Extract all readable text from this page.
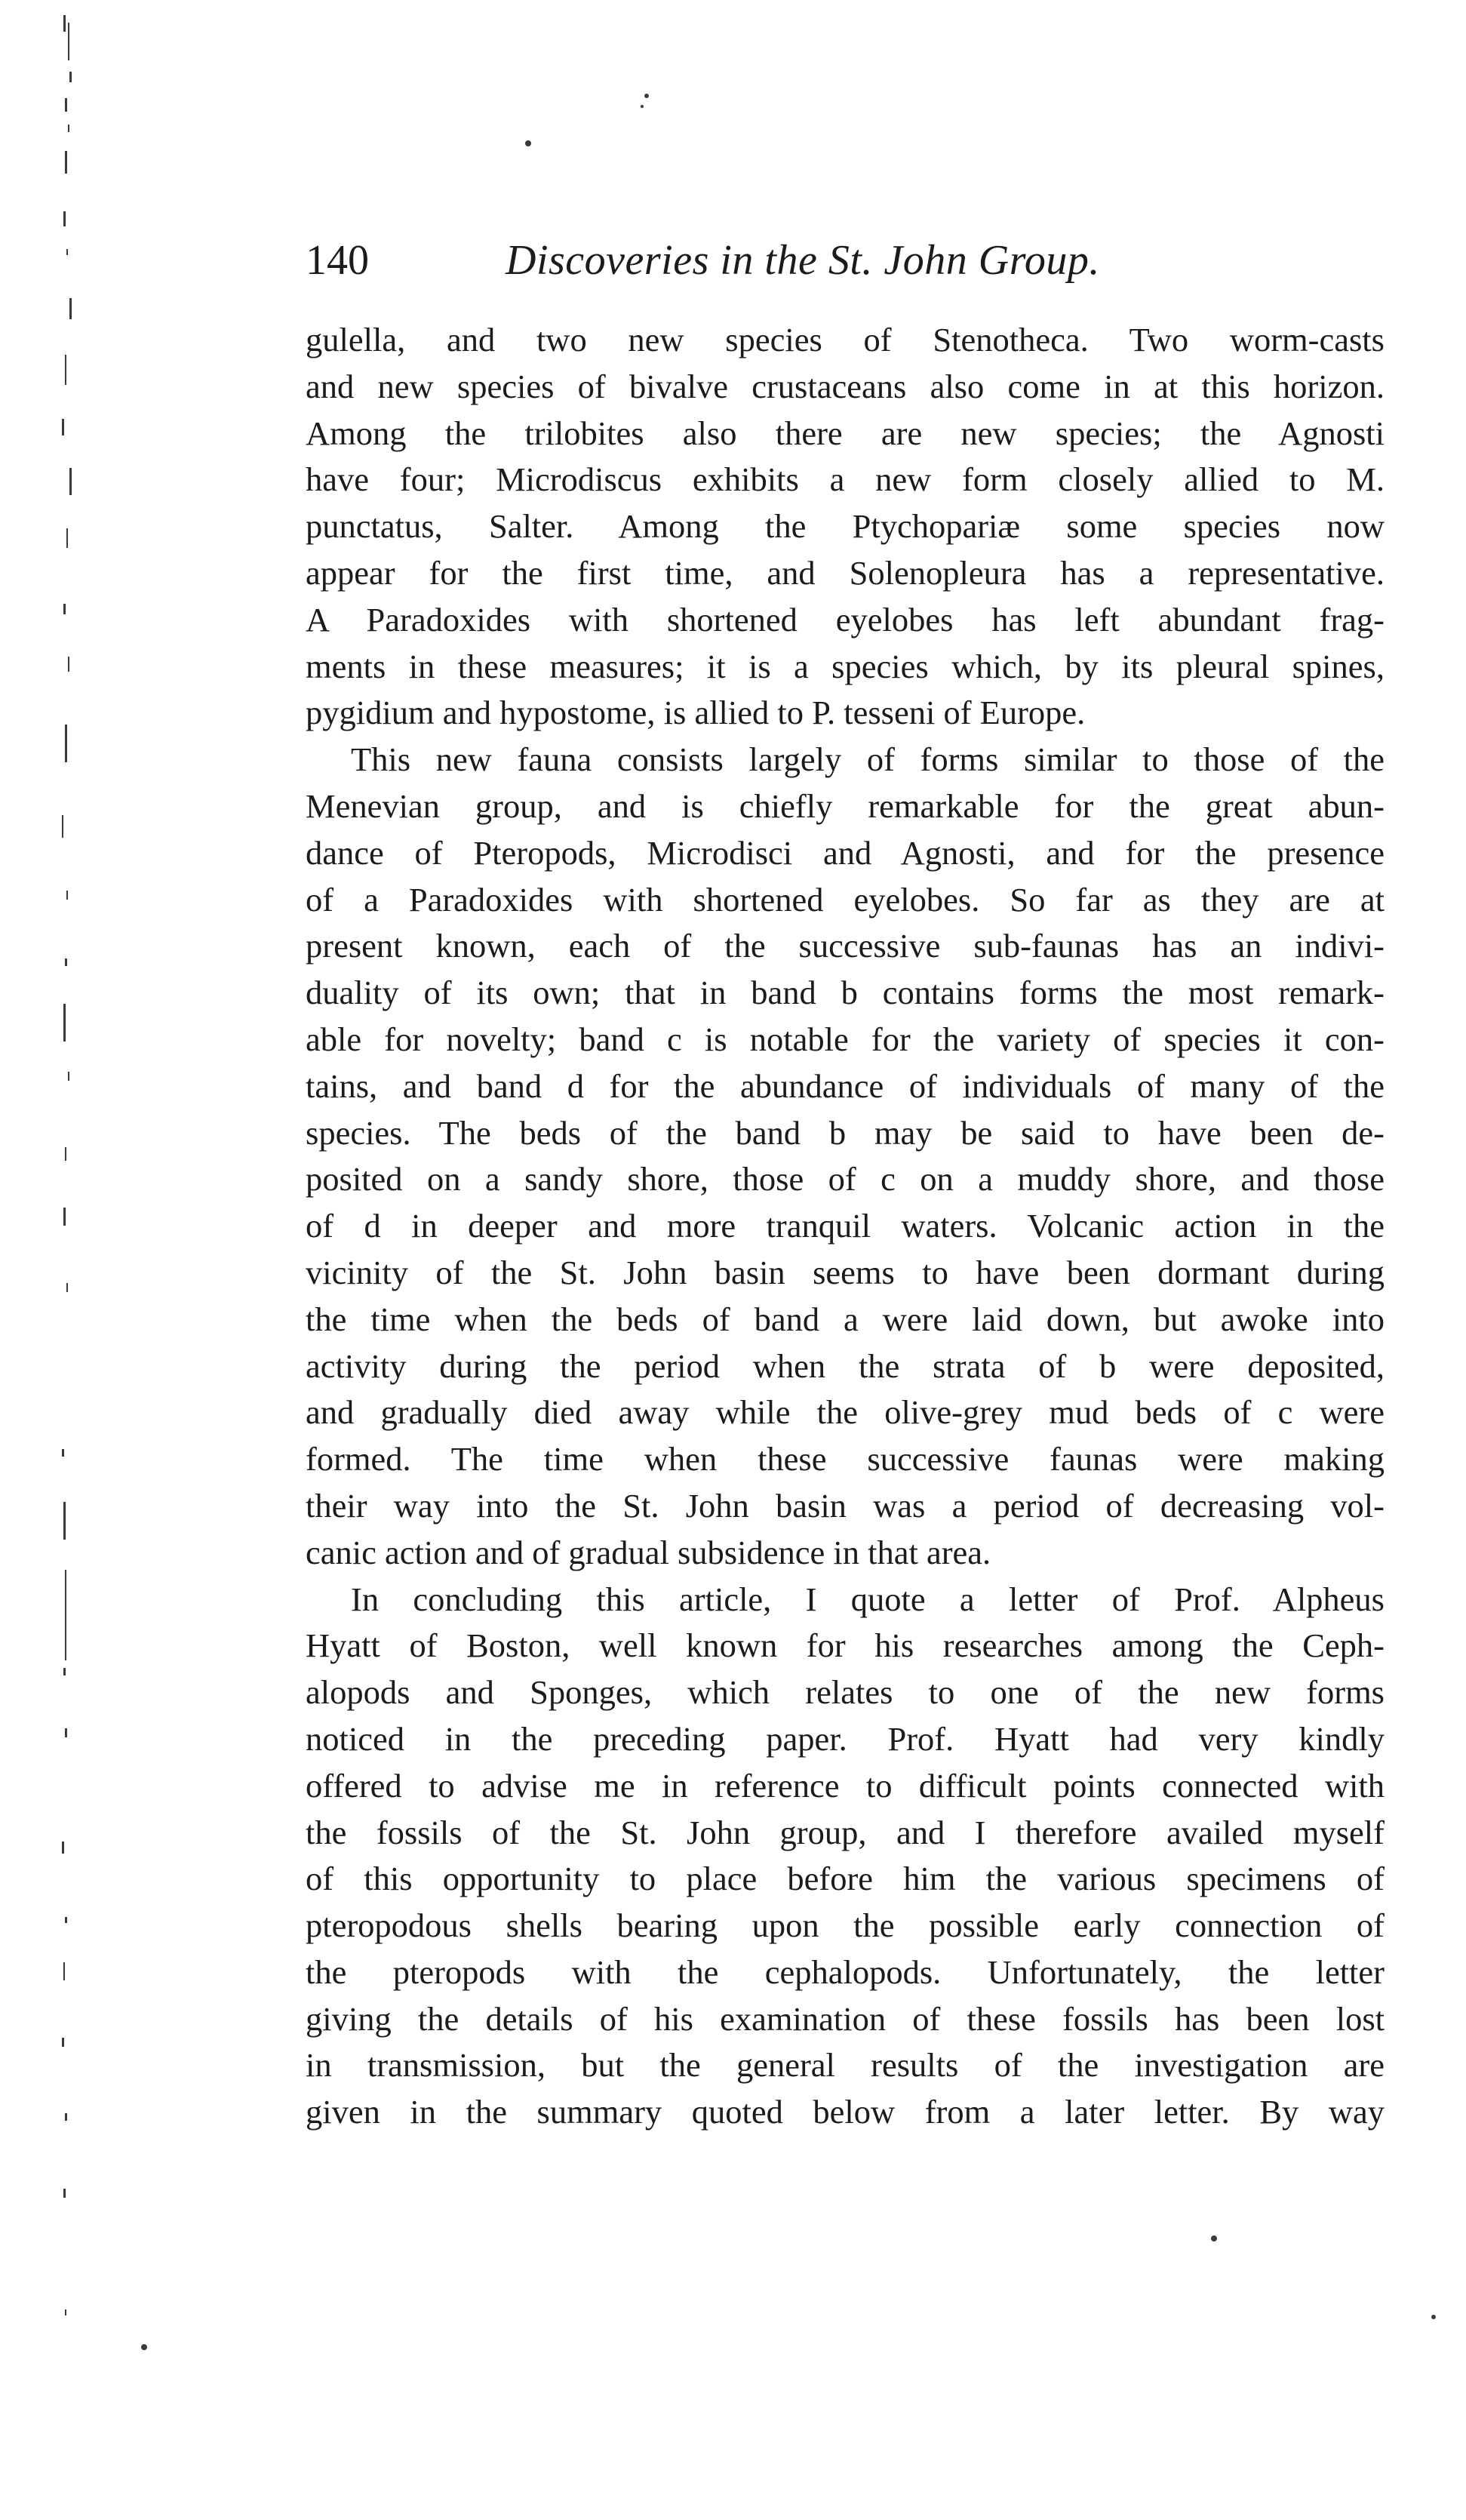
140	Discoveries in the St. John Group.
gulella, and two new species of Stenotheca. Two worm-casts
and new species of bivalve crustaceans also come in at this horizon.
Among the trilobites also there are new species; the Agnosti
have four; Microdiscus exhibits a new form closely allied to M.
punctatus, Salter. Among the Ptychopariæ some species now
appear for the first time, and Solenopleura has a representative.
A Paradoxides with shortened eyelobes has left abundant frag-
ments in these measures; it is a species which, by its pleural spines,
pygidium and hypostome, is allied to P. tesseni of Europe.
This new fauna consists largely of forms similar to those of the
Menevian group, and is chiefly remarkable for the great abun-
dance of Pteropods, Microdisci and Agnosti, and for the presence
of a Paradoxides with shortened eyelobes. So far as they are at
present known, each of the successive sub-faunas has an indivi-
duality of its own; that in band b contains forms the most remark-
able for novelty; band c is notable for the variety of species it con-
tains, and band d for the abundance of individuals of many of the
species. The beds of the band b may be said to have been de-
posited on a sandy shore, those of c on a muddy shore, and those
of d in deeper and more tranquil waters. Volcanic action in the
vicinity of the St. John basin seems to have been dormant during
the time when the beds of band a were laid down, but awoke into
activity during the period when the strata of b were deposited,
and gradually died away while the olive-grey mud beds of c were
formed. The time when these successive faunas were making
their way into the St. John basin was a period of decreasing vol-
canic action and of gradual subsidence in that area.
In concluding this article, I quote a letter of Prof. Alpheus
Hyatt of Boston, well known for his researches among the Ceph-
alopods and Sponges, which relates to one of the new forms
noticed in the preceding paper. Prof. Hyatt had very kindly
offered to advise me in reference to difficult points connected with
the fossils of the St. John group, and I therefore availed myself
of this opportunity to place before him the various specimens of
pteropodous shells bearing upon the possible early connection of
the pteropods with the cephalopods. Unfortunately, the letter
giving the details of his examination of these fossils has been lost
in transmission, but the general results of the investigation are
given in the summary quoted below from a later letter. By way
